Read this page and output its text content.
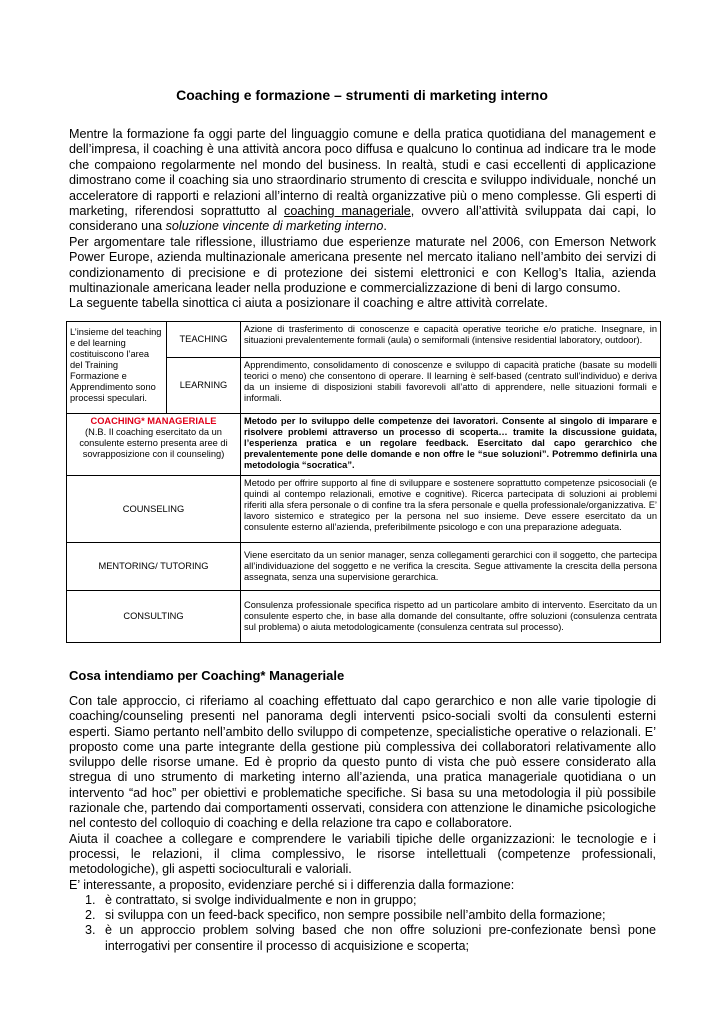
Coaching e formazione – strumenti di marketing interno

Mentre la formazione fa oggi parte del linguaggio comune e della pratica quotidiana del management e dell’impresa, il coaching è una attività ancora poco diffusa e qualcuno lo continua ad indicare tra le mode che compaiono regolarmente nel mondo del business. In realtà, studi e casi eccellenti di applicazione dimostrano come il coaching sia uno straordinario strumento di crescita e sviluppo individuale, nonché un acceleratore di rapporti e relazioni all’interno di realtà organizzative più o meno complesse. Gli esperti di marketing, riferendosi soprattutto al coaching manageriale, ovvero all’attività sviluppata dai capi, lo considerano una soluzione vincente di marketing interno.

Per argomentare tale riflessione, illustriamo due esperienze maturate nel 2006, con Emerson Network Power Europe, azienda multinazionale americana presente nel mercato italiano nell’ambito dei servizi di condizionamento di precisione e di protezione dei sistemi elettronici e con Kellog’s Italia, azienda multinazionale americana leader nella produzione e commercializzazione di beni di largo consumo.

La seguente tabella sinottica ci aiuta a posizionare il coaching e altre attività correlate.

L’insieme del teaching e del learning costituiscono l’area del Training Formazione e Apprendimento sono processi speculari.	TEACHING	Azione di trasferimento di conoscenze e capacità operative teoriche e/o pratiche. Insegnare, in situazioni prevalentemente formali (aula) o semiformali (intensive residential laboratory, outdoor).
	LEARNING	Apprendimento, consolidamento di conoscenze e sviluppo di capacità pratiche (basate su modelli teorici o meno) che consentono di operare. Il learning è self-based (centrato sull’individuo) e deriva da un insieme di disposizioni stabili favorevoli all’atto di apprendere, nelle situazioni formali e informali.

COACHING* MANAGERIALE
(N.B. Il coaching esercitato da un consulente esterno presenta aree di sovrapposizione con il counseling)		Metodo per lo sviluppo delle competenze dei lavoratori. Consente al singolo di imparare e risolvere problemi attraverso un processo di scoperta… tramite la discussione guidata, l’esperienza pratica e un regolare feedback. Esercitato dal capo gerarchico che prevalentemente pone delle domande e non offre le “sue soluzioni”. Potremmo definirla una metodologia “socratica”.
COUNSELING		Metodo per offrire supporto al fine di sviluppare e sostenere soprattutto competenze psicosociali (e quindi al contempo relazionali, emotive e cognitive). Ricerca partecipata di soluzioni ai problemi riferiti alla sfera personale o di confine tra la sfera personale e quella professionale/organizzativa. E’ lavoro sistemico e strategico per la persona nel suo insieme. Deve essere esercitato da un consulente esterno all’azienda, preferibilmente psicologo e con una preparazione adeguata.
MENTORING/ TUTORING		Viene esercitato da un senior manager, senza collegamenti gerarchici con il soggetto, che partecipa all’individuazione del soggetto e ne verifica la crescita. Segue attivamente la crescita della persona assegnata, senza una supervisione gerarchica.
CONSULTING		Consulenza professionale specifica rispetto ad un particolare ambito di intervento. Esercitato da un consulente esperto che, in base alla domande del consultante, offre soluzioni (consulenza centrata sul problema) o aiuta metodologicamente (consulenza centrata sul processo).
Cosa intendiamo per Coaching* Manageriale

Con tale approccio, ci riferiamo al coaching effettuato dal capo gerarchico e non alle varie tipologie di coaching/counseling presenti nel panorama degli interventi psico-sociali svolti da consulenti esterni esperti. Siamo pertanto nell’ambito dello sviluppo di competenze, specialistiche operative o relazionali. E’ proposto come una parte integrante della gestione più complessiva dei collaboratori relativamente allo sviluppo delle risorse umane. Ed è proprio da questo punto di vista che può essere considerato alla stregua di uno strumento di marketing interno all’azienda, una pratica manageriale quotidiana o un intervento “ad hoc” per obiettivi e problematiche specifiche. Si basa su una metodologia il più possibile razionale che, partendo dai comportamenti osservati, considera con attenzione le dinamiche psicologiche nel contesto del colloquio di coaching e della relazione tra capo e collaboratore.

Aiuta il coachee a collegare e comprendere le variabili tipiche delle organizzazioni: le tecnologie e i processi, le relazioni, il clima complessivo, le risorse intellettuali (competenze professionali, metodologiche), gli aspetti socioculturali e valoriali.

E’ interessante, a proposito, evidenziare perché si i differenzia dalla formazione:

1. è contrattato, si svolge individualmente e non in gruppo;
2. si sviluppa con un feed-back specifico, non sempre possibile nell’ambito della formazione;
3. è un approccio problem solving based che non offre soluzioni pre-confezionate bensì pone interrogativi per consentire il processo di acquisizione e scoperta;
